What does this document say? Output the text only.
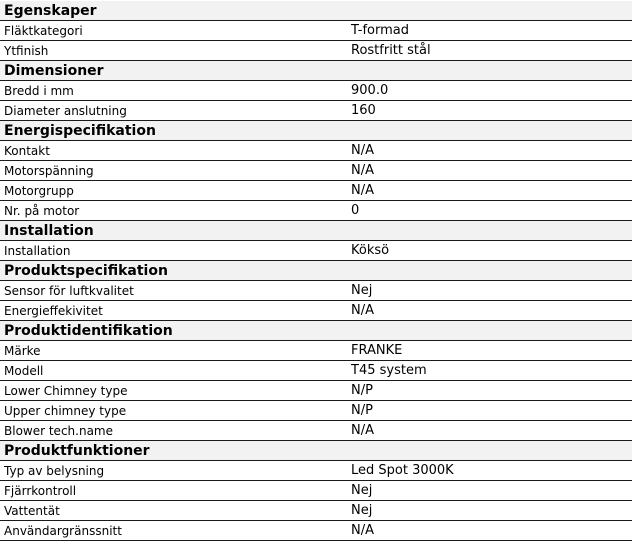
Egenskaper
Fläktkategori	T-formad
Ytfinish	Rostfritt stål
Dimensioner
Bredd i mm	900.0
Diameter anslutning	160
Energispecifikation
Kontakt	N/A
Motorspänning	N/A
Motorgrupp	N/A
Nr. på motor	0
Installation
Installation	Köksö
Produktspecifikation
Sensor för luftkvalitet	Nej
Energieffekivitet	N/A
Produktidentifikation
Märke	FRANKE
Modell	T45 system
Lower Chimney type	N/P
Upper chimney type	N/P
Blower tech.name	N/A
Produktfunktioner
Typ av belysning	Led Spot 3000K
Fjärrkontroll	Nej
Vattentät	Nej
Användargränssnitt	N/A
